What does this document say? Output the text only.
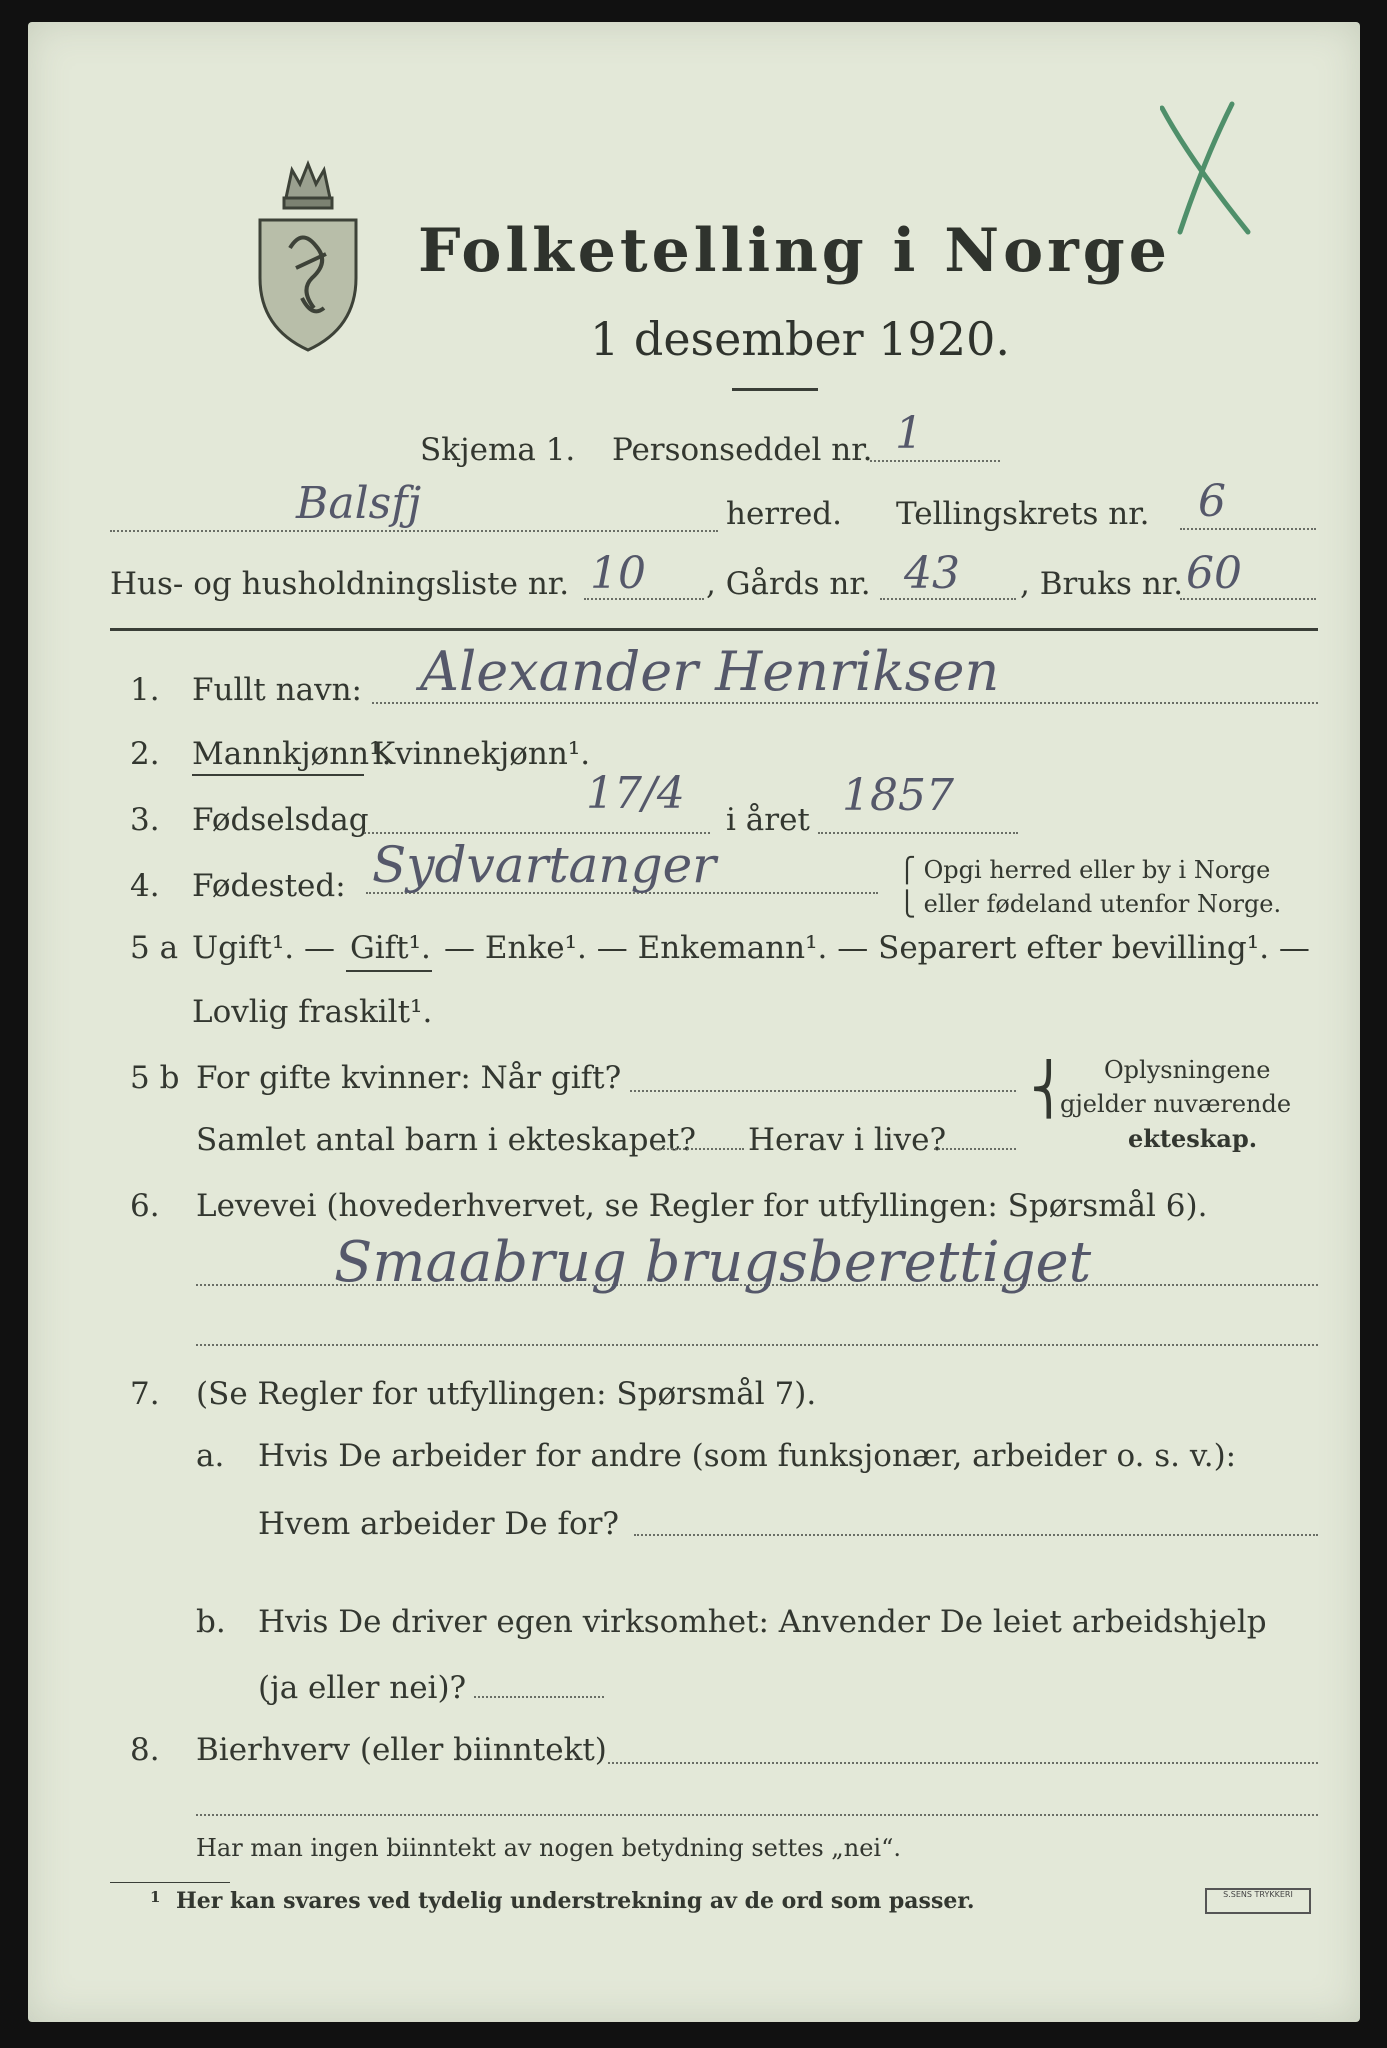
Folketelling i Norge
1 desember 1920.
Skjema 1. Personseddel nr. 1
Balsfj	herred. Tellingskrets nr. 6
Hus- og husholdningsliste nr. 10 , Gårds nr. 43 , Bruks nr. 60
1. Fullt navn: Alexander Henriksen
2. Mannkjønn¹.
Kvinnekjønn¹.
3. Fødselsdag
17/4
i året 1857
4. Fødested: Sydvartanger	⎧ Opgi herred eller by i Norge
⎩ eller fødeland utenfor Norge.
5 a Ugift¹. — Gift¹. — Enke¹. — Enkemann¹. — Separert efter bevilling¹. —
Lovlig fraskilt¹.
5 b For gifte kvinner: Når gift?	⎨ Oplysningene
gjelder nuværende
ekteskap.
Samlet antal barn i ekteskapet? Herav i live?
6. Levevei (hovederhvervet, se Regler for utfyllingen: Spørsmål 6).
Smaabrug brugsberettiget
7. (Se Regler for utfyllingen: Spørsmål 7).
a. Hvis De arbeider for andre (som funksjonær, arbeider o. s. v.):
Hvem arbeider De for?
b. Hvis De driver egen virksomhet: Anvender De leiet arbeidshjelp
(ja eller nei)?
8. Bierhverv (eller biinntekt)
Har man ingen biinntekt av nogen betydning settes „nei“.
1 Her kan svares ved tydelig understrekning av de ord som passer.	S.SENS TRYKKERI
